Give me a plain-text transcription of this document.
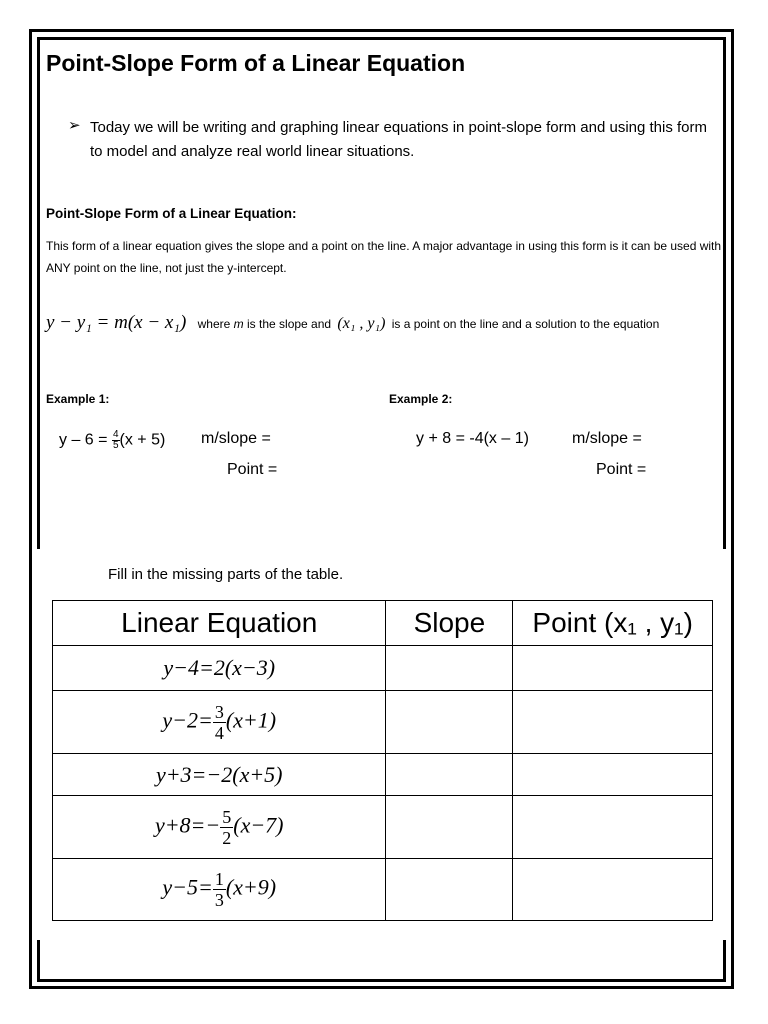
Point-Slope Form of a Linear Equation
➢ Today we will be writing and graphing linear equations in point-slope form and using this form to model and analyze real world linear situations.
Point-Slope Form of a Linear Equation:
This form of a linear equation gives the slope and a point on the line. A major advantage in using this form is it can be used with ANY point on the line, not just the y-intercept.
y − y₁ = m(x − x₁) where m is the slope and (x₁ , y₁) is a point on the line and a solution to the equation
Example 1:
$y - 6 = \frac{4}{5} (x + 5)$ m/slope =
Point =
Example 2:
y + 8 = -4(x – 1)	m/slope =
Point =
Fill in the missing parts of the table.
Linear Equation	Slope	Point (x₁ , y₁)
y−4=2(x−3)		
$y-2= \frac{3}{4} (x+1)$		
y+3=−2(x+5)		
$y+8=- \frac{5}{2} (x-7)$		
$y-5= \frac{1}{3} (x+9)$		
